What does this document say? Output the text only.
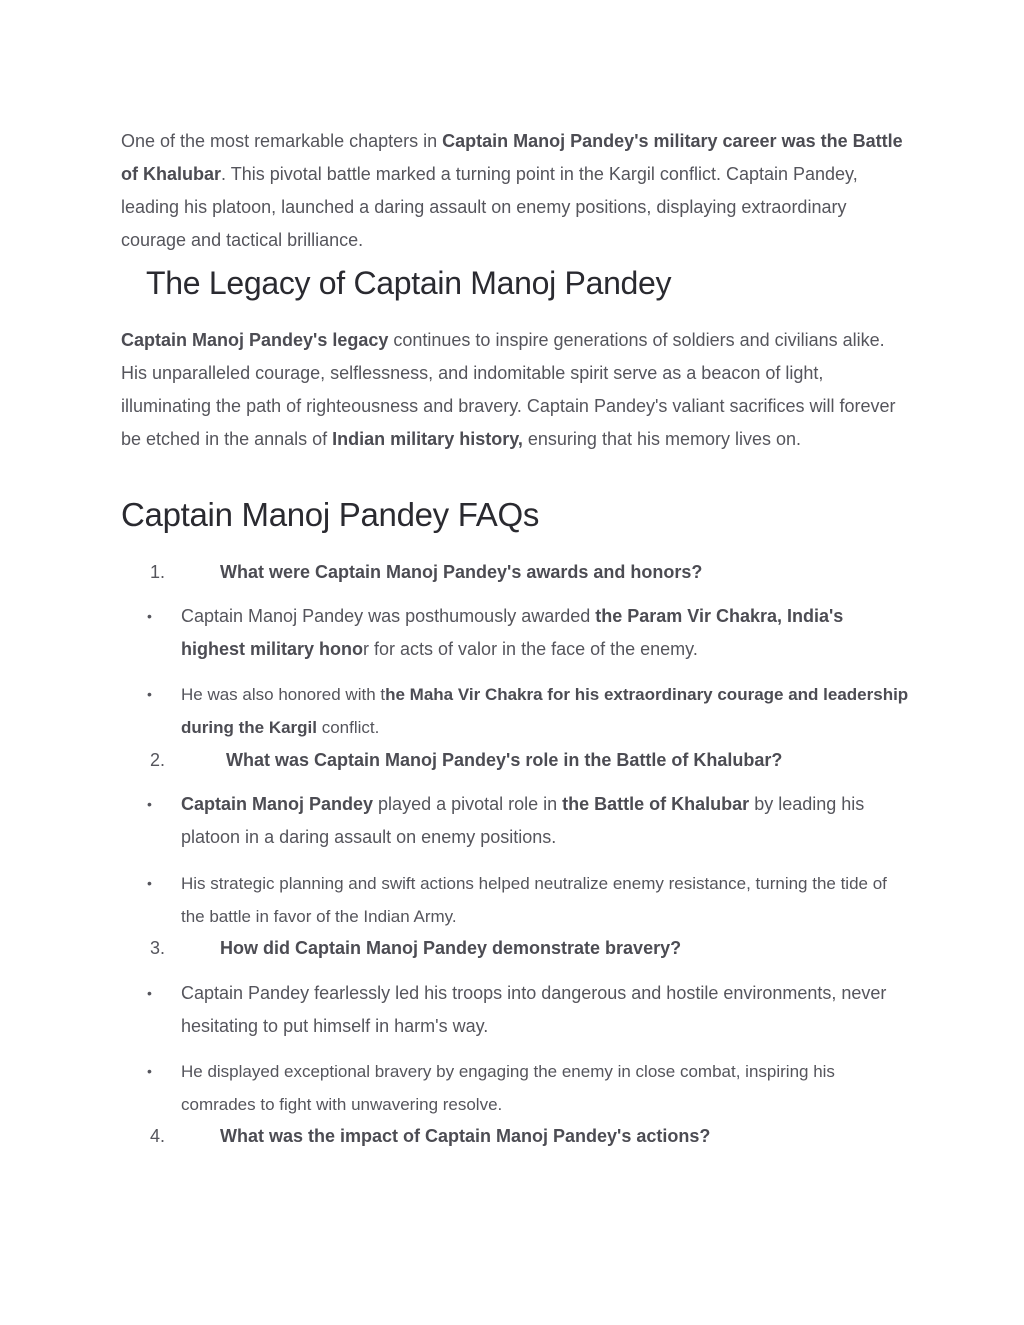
One of the most remarkable chapters in Captain Manoj Pandey's military career was the Battle of Khalubar. This pivotal battle marked a turning point in the Kargil conflict. Captain Pandey, leading his platoon, launched a daring assault on enemy positions, displaying extraordinary courage and tactical brilliance.

The Legacy of Captain Manoj Pandey

Captain Manoj Pandey's legacy continues to inspire generations of soldiers and civilians alike. His unparalleled courage, selflessness, and indomitable spirit serve as a beacon of light, illuminating the path of righteousness and bravery. Captain Pandey's valiant sacrifices will forever be etched in the annals of Indian military history, ensuring that his memory lives on.

Captain Manoj Pandey FAQs
1.	What were Captain Manoj Pandey's awards and honors?
• Captain Manoj Pandey was posthumously awarded the Param Vir Chakra, India's highest military honor for acts of valor in the face of the enemy.
• He was also honored with the Maha Vir Chakra for his extraordinary courage and leadership during the Kargil conflict.
2.	What was Captain Manoj Pandey's role in the Battle of Khalubar?
• Captain Manoj Pandey played a pivotal role in the Battle of Khalubar by leading his platoon in a daring assault on enemy positions.
• His strategic planning and swift actions helped neutralize enemy resistance, turning the tide of the battle in favor of the Indian Army.
3.	How did Captain Manoj Pandey demonstrate bravery?
• Captain Pandey fearlessly led his troops into dangerous and hostile environments, never hesitating to put himself in harm's way.
• He displayed exceptional bravery by engaging the enemy in close combat, inspiring his comrades to fight with unwavering resolve.
4.	What was the impact of Captain Manoj Pandey's actions?
